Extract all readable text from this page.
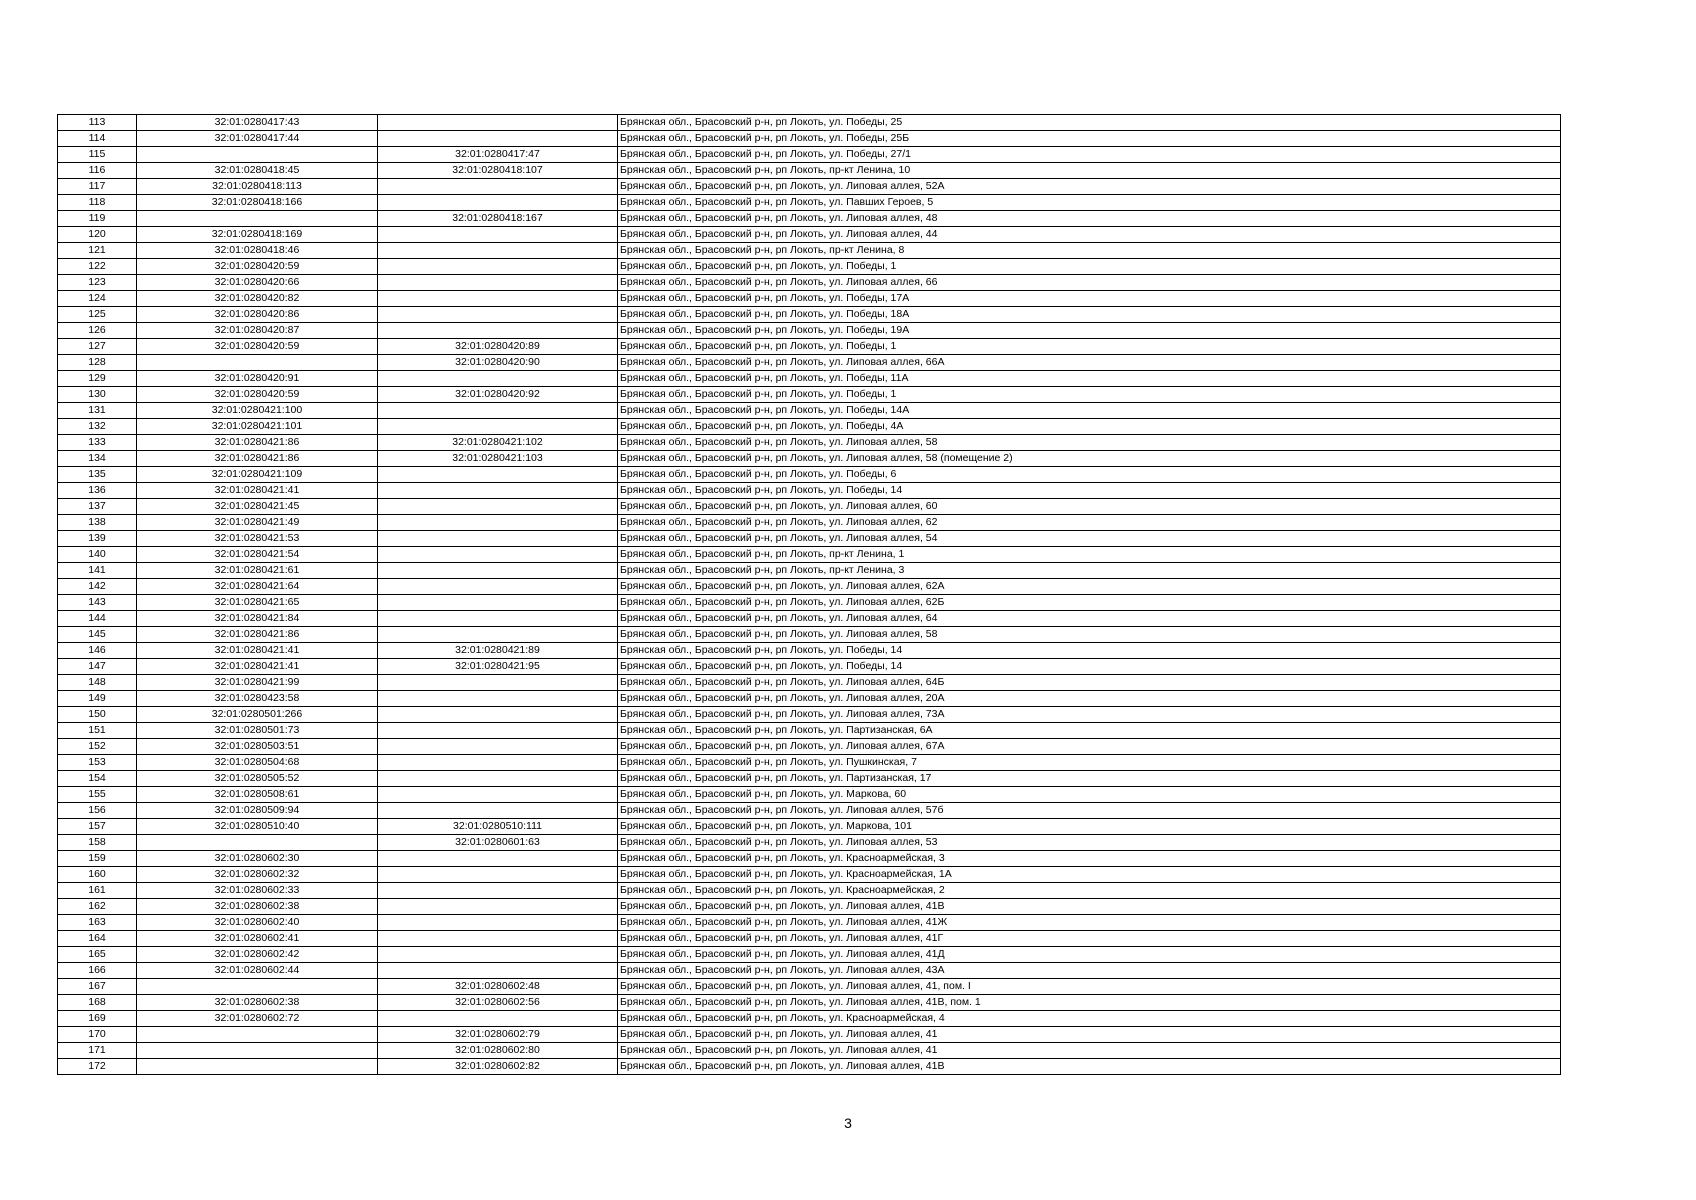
113	32:01:0280417:43		Брянская обл., Брасовский р-н, рп Локоть, ул. Победы, 25
114	32:01:0280417:44		Брянская обл., Брасовский р-н, рп Локоть, ул. Победы, 25Б
115		32:01:0280417:47	Брянская обл., Брасовский р-н, рп Локоть, ул. Победы, 27/1
116	32:01:0280418:45	32:01:0280418:107	Брянская обл., Брасовский р-н, рп Локоть, пр-кт Ленина, 10
117	32:01:0280418:113		Брянская обл., Брасовский р-н, рп Локоть, ул. Липовая аллея, 52А
118	32:01:0280418:166		Брянская обл., Брасовский р-н, рп Локоть, ул. Павших Героев, 5
119		32:01:0280418:167	Брянская обл., Брасовский р-н, рп Локоть, ул. Липовая аллея, 48
120	32:01:0280418:169		Брянская обл., Брасовский р-н, рп Локоть, ул. Липовая аллея, 44
121	32:01:0280418:46		Брянская обл., Брасовский р-н, рп Локоть, пр-кт Ленина, 8
122	32:01:0280420:59		Брянская обл., Брасовский р-н, рп Локоть, ул. Победы, 1
123	32:01:0280420:66		Брянская обл., Брасовский р-н, рп Локоть, ул. Липовая аллея, 66
124	32:01:0280420:82		Брянская обл., Брасовский р-н, рп Локоть, ул. Победы, 17А
125	32:01:0280420:86		Брянская обл., Брасовский р-н, рп Локоть, ул. Победы, 18А
126	32:01:0280420:87		Брянская обл., Брасовский р-н, рп Локоть, ул. Победы, 19А
127	32:01:0280420:59	32:01:0280420:89	Брянская обл., Брасовский р-н, рп Локоть, ул. Победы, 1
128		32:01:0280420:90	Брянская обл., Брасовский р-н, рп Локоть, ул. Липовая аллея, 66А
129	32:01:0280420:91		Брянская обл., Брасовский р-н, рп Локоть, ул. Победы, 11А
130	32:01:0280420:59	32:01:0280420:92	Брянская обл., Брасовский р-н, рп Локоть, ул. Победы, 1
131	32:01:0280421:100		Брянская обл., Брасовский р-н, рп Локоть, ул. Победы, 14А
132	32:01:0280421:101		Брянская обл., Брасовский р-н, рп Локоть, ул. Победы, 4А
133	32:01:0280421:86	32:01:0280421:102	Брянская обл., Брасовский р-н, рп Локоть, ул. Липовая аллея, 58
134	32:01:0280421:86	32:01:0280421:103	Брянская обл., Брасовский р-н, рп Локоть, ул. Липовая аллея, 58 (помещение 2)
135	32:01:0280421:109		Брянская обл., Брасовский р-н, рп Локоть, ул. Победы, 6
136	32:01:0280421:41		Брянская обл., Брасовский р-н, рп Локоть, ул. Победы, 14
137	32:01:0280421:45		Брянская обл., Брасовский р-н, рп Локоть, ул. Липовая аллея, 60
138	32:01:0280421:49		Брянская обл., Брасовский р-н, рп Локоть, ул. Липовая аллея, 62
139	32:01:0280421:53		Брянская обл., Брасовский р-н, рп Локоть, ул. Липовая аллея, 54
140	32:01:0280421:54		Брянская обл., Брасовский р-н, рп Локоть, пр-кт Ленина, 1
141	32:01:0280421:61		Брянская обл., Брасовский р-н, рп Локоть, пр-кт Ленина, 3
142	32:01:0280421:64		Брянская обл., Брасовский р-н, рп Локоть, ул. Липовая аллея, 62А
143	32:01:0280421:65		Брянская обл., Брасовский р-н, рп Локоть, ул. Липовая аллея, 62Б
144	32:01:0280421:84		Брянская обл., Брасовский р-н, рп Локоть, ул. Липовая аллея, 64
145	32:01:0280421:86		Брянская обл., Брасовский р-н, рп Локоть, ул. Липовая аллея, 58
146	32:01:0280421:41	32:01:0280421:89	Брянская обл., Брасовский р-н, рп Локоть, ул. Победы, 14
147	32:01:0280421:41	32:01:0280421:95	Брянская обл., Брасовский р-н, рп Локоть, ул. Победы, 14
148	32:01:0280421:99		Брянская обл., Брасовский р-н, рп Локоть, ул. Липовая аллея, 64Б
149	32:01:0280423:58		Брянская обл., Брасовский р-н, рп Локоть, ул. Липовая аллея, 20А
150	32:01:0280501:266		Брянская обл., Брасовский р-н, рп Локоть, ул. Липовая аллея, 73А
151	32:01:0280501:73		Брянская обл., Брасовский р-н, рп Локоть, ул. Партизанская, 6А
152	32:01:0280503:51		Брянская обл., Брасовский р-н, рп Локоть, ул. Липовая аллея, 67А
153	32:01:0280504:68		Брянская обл., Брасовский р-н, рп Локоть, ул. Пушкинская, 7
154	32:01:0280505:52		Брянская обл., Брасовский р-н, рп Локоть, ул. Партизанская, 17
155	32:01:0280508:61		Брянская обл., Брасовский р-н, рп Локоть, ул. Маркова, 60
156	32:01:0280509:94		Брянская обл., Брасовский р-н, рп Локоть, ул. Липовая аллея, 57б
157	32:01:0280510:40	32:01:0280510:111	Брянская обл., Брасовский р-н, рп Локоть, ул. Маркова, 101
158		32:01:0280601:63	Брянская обл., Брасовский р-н, рп Локоть, ул. Липовая аллея, 53
159	32:01:0280602:30		Брянская обл., Брасовский р-н, рп Локоть, ул. Красноармейская, 3
160	32:01:0280602:32		Брянская обл., Брасовский р-н, рп Локоть, ул. Красноармейская, 1А
161	32:01:0280602:33		Брянская обл., Брасовский р-н, рп Локоть, ул. Красноармейская, 2
162	32:01:0280602:38		Брянская обл., Брасовский р-н, рп Локоть, ул. Липовая аллея, 41В
163	32:01:0280602:40		Брянская обл., Брасовский р-н, рп Локоть, ул. Липовая аллея, 41Ж
164	32:01:0280602:41		Брянская обл., Брасовский р-н, рп Локоть, ул. Липовая аллея, 41Г
165	32:01:0280602:42		Брянская обл., Брасовский р-н, рп Локоть, ул. Липовая аллея, 41Д
166	32:01:0280602:44		Брянская обл., Брасовский р-н, рп Локоть, ул. Липовая аллея, 43А
167		32:01:0280602:48	Брянская обл., Брасовский р-н, рп Локоть, ул. Липовая аллея, 41, пом. I
168	32:01:0280602:38	32:01:0280602:56	Брянская обл., Брасовский р-н, рп Локоть, ул. Липовая аллея, 41В, пом. 1
169	32:01:0280602:72		Брянская обл., Брасовский р-н, рп Локоть, ул. Красноармейская, 4
170		32:01:0280602:79	Брянская обл., Брасовский р-н, рп Локоть, ул. Липовая аллея, 41
171		32:01:0280602:80	Брянская обл., Брасовский р-н, рп Локоть, ул. Липовая аллея, 41
172		32:01:0280602:82	Брянская обл., Брасовский р-н, рп Локоть, ул. Липовая аллея, 41В
3
